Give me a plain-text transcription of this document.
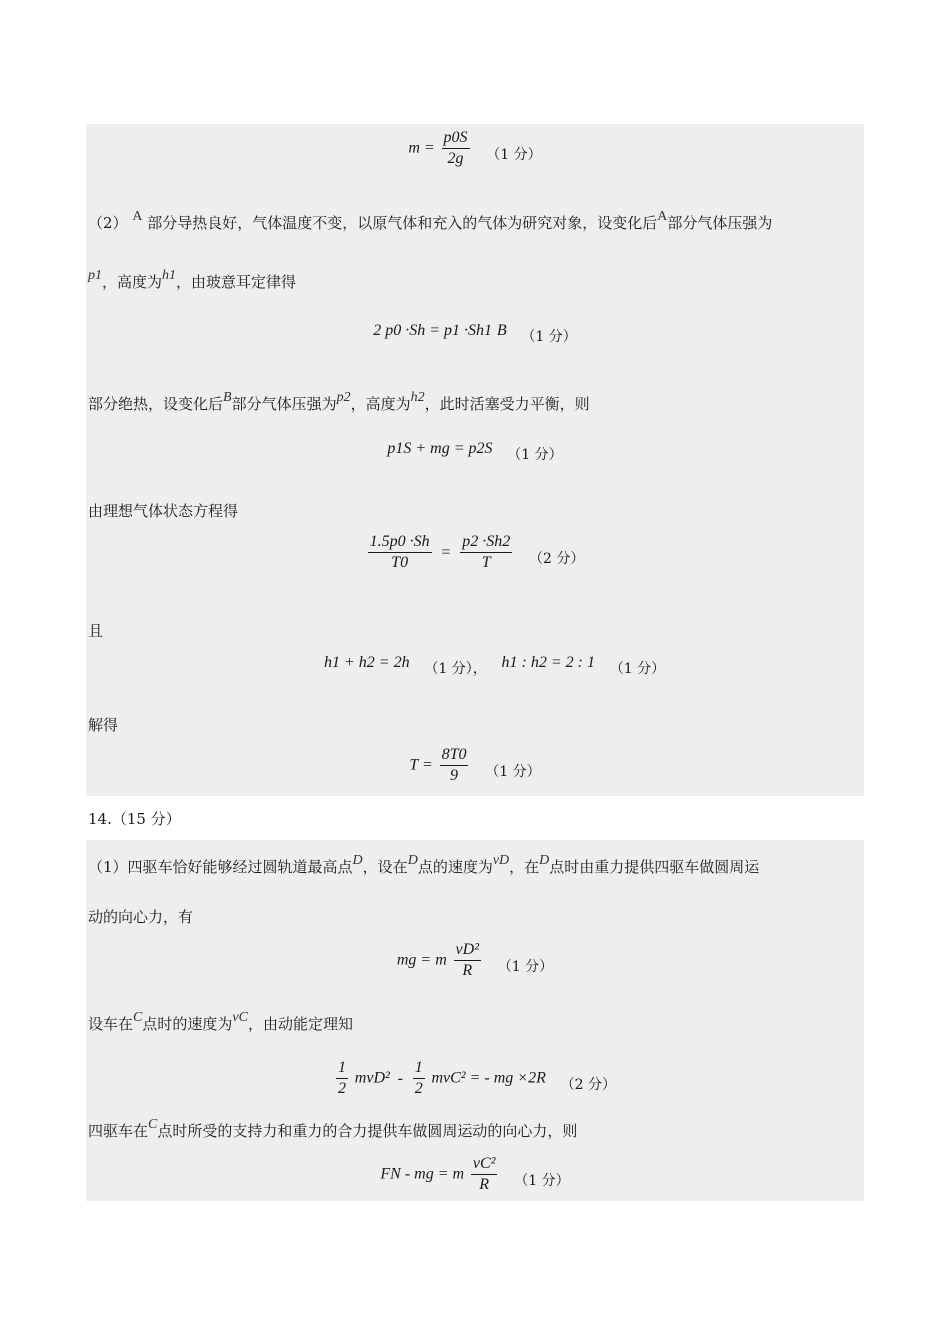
$m = \frac{p0S}{2g} (1$ 分）
（2） A 部分导热良好，气体温度不变，以原气体和充入的气体为研究对象，设变化后A部分气体压强为
p1，高度为h1，由玻意耳定律得
2 p0 ·Sh = p1 ·Sh1 B （1 分）
部分绝热，设变化后B部分气体压强为p2，高度为h2，此时活塞受力平衡，则
p1S + mg = p2S （1 分）
由理想气体状态方程得
$\frac{1.5p0 \cdot Sh}{T0} = \frac{p2 \cdot Sh2}{T} (2$ 分）
且
h1 + h2 = 2h （1 分）， h1 : h2 = 2 : 1 （1 分）
解得
$T = \frac{8T0}{9} (1$ 分）
14.（15 分）
（1）四驱车恰好能够经过圆轨道最高点D，设在D点的速度为vD，在D点时由重力提供四驱车做圆周运
动的向心力，有
mg = m $\frac{\text{vD²}}{R} (1$ 分）
设车在C点时的速度为vC，由动能定理知
$\frac{1}{2} mvD^2 - \frac{1}{2} mvC^2$ = - mg ×2R （2 分）
四驱车在C点时所受的支持力和重力的合力提供车做圆周运动的向心力，则
FN - mg = m $\frac{\text{vC²}}{R} (1$ 分）
